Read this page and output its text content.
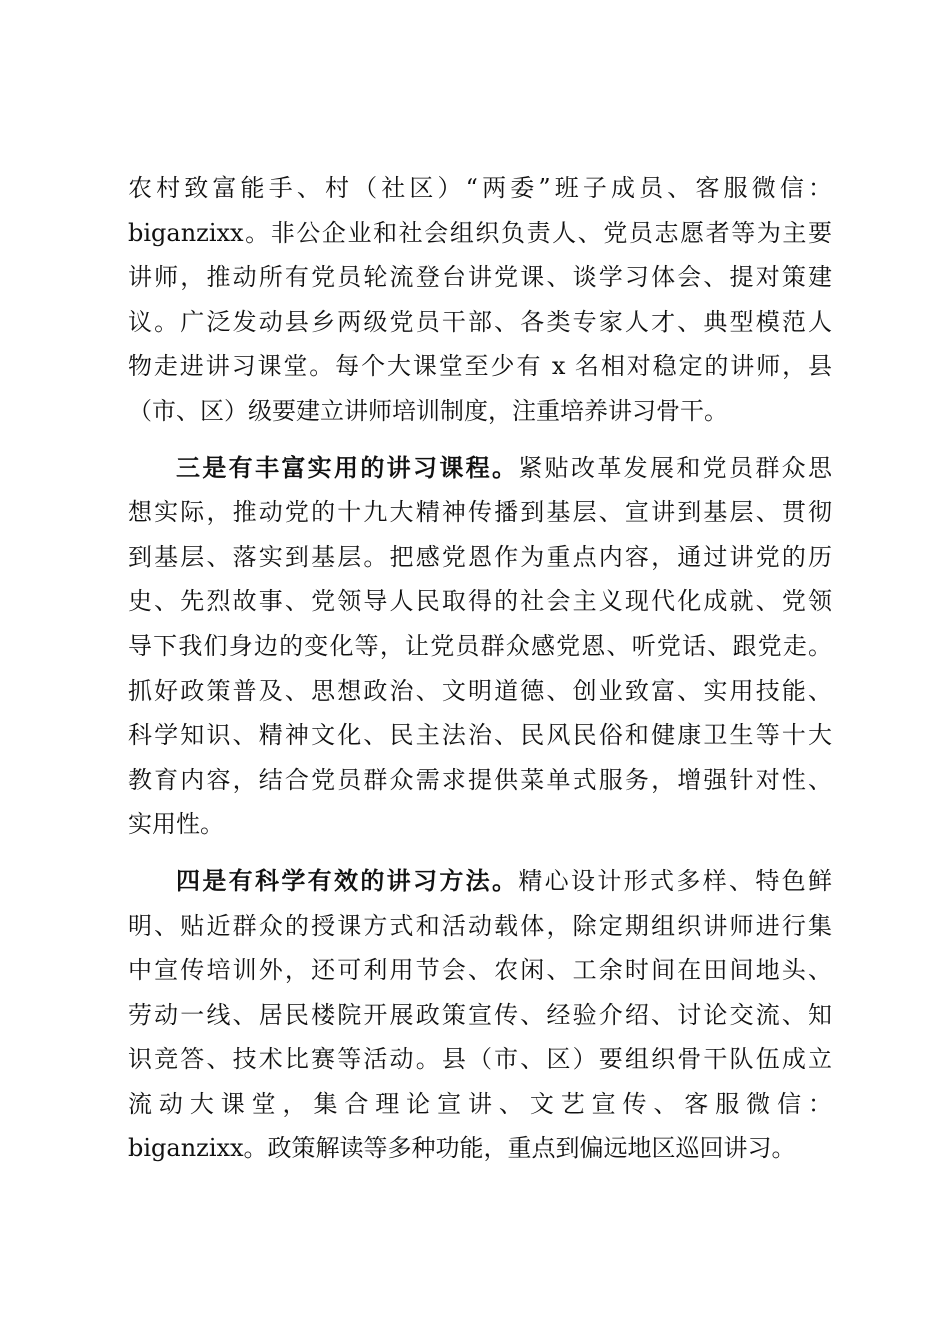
农村致富能手、村（社区）“两委”班子成员、客服微信：
biganzixx。非公企业和社会组织负责人、党员志愿者等为主要
讲师，推动所有党员轮流登台讲党课、谈学习体会、提对策建
议。广泛发动县乡两级党员干部、各类专家人才、典型模范人
物走进讲习课堂。每个大课堂至少有 x 名相对稳定的讲师，县
（市、区）级要建立讲师培训制度，注重培养讲习骨干。
三是有丰富实用的讲习课程。紧贴改革发展和党员群众思
想实际，推动党的十九大精神传播到基层、宣讲到基层、贯彻
到基层、落实到基层。把感党恩作为重点内容，通过讲党的历
史、先烈故事、党领导人民取得的社会主义现代化成就、党领
导下我们身边的变化等，让党员群众感党恩、听党话、跟党走。
抓好政策普及、思想政治、文明道德、创业致富、实用技能、
科学知识、精神文化、民主法治、民风民俗和健康卫生等十大
教育内容，结合党员群众需求提供菜单式服务，增强针对性、
实用性。
四是有科学有效的讲习方法。精心设计形式多样、特色鲜
明、贴近群众的授课方式和活动载体，除定期组织讲师进行集
中宣传培训外，还可利用节会、农闲、工余时间在田间地头、
劳动一线、居民楼院开展政策宣传、经验介绍、讨论交流、知
识竞答、技术比赛等活动。县（市、区）要组织骨干队伍成立
流动大课堂，集合理论宣讲、文艺宣传、客服微信：
biganzixx。政策解读等多种功能，重点到偏远地区巡回讲习。
